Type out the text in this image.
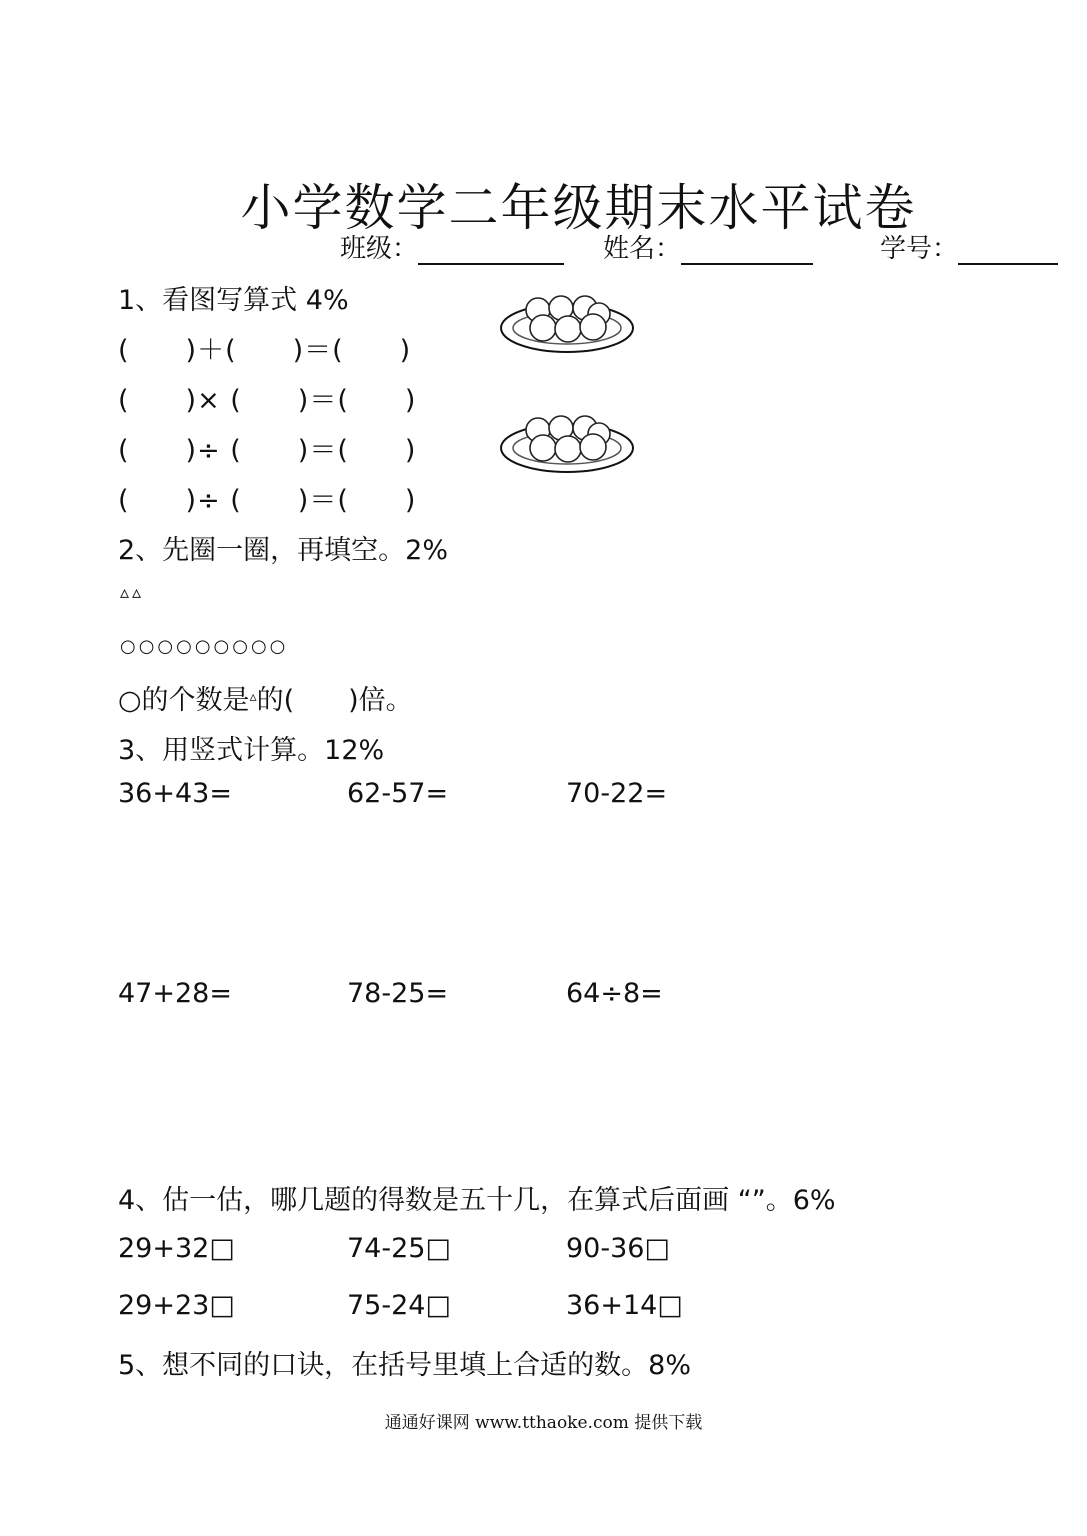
小学数学二年级期末水平试卷
班级：	姓名：	学号：
1、看图写算式 4%
(　　)＋(　　)＝(　　)
(　　)× (　　)＝(　　)
(　　)÷ (　　)＝(　　)
(　　)÷ (　　)＝(　　)
2、先圈一圈，再填空。2%
▵▵
○○○○○○○○○
○的个数是▵的(　　)倍。
3、用竖式计算。12%
36+43=	62-57=	70-22=
47+28=	78-25=	64÷8=
4、估一估，哪几题的得数是五十几，在算式后面画 “”。6%
29+32□	74-25□	90-36□
29+23□	75-24□	36+14□
5、想不同的口诀，在括号里填上合适的数。8%
通通好课网 www.tthaoke.com 提供下载
